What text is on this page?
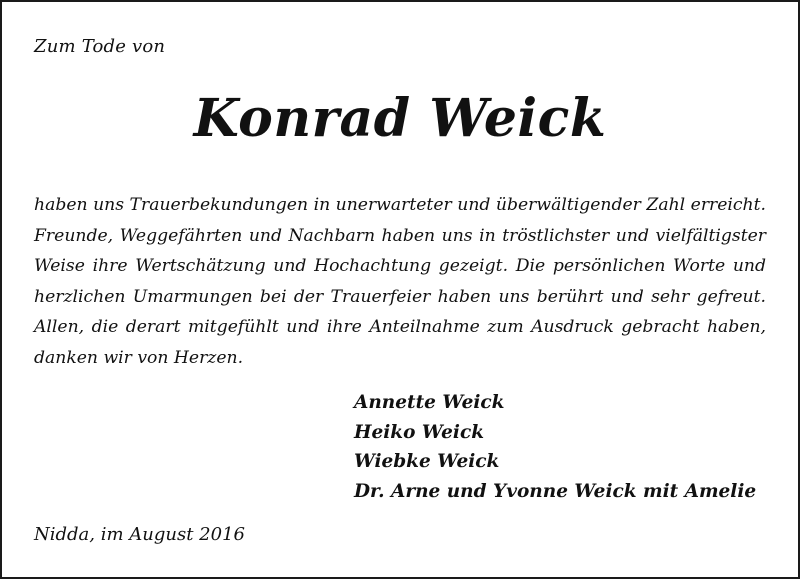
Zum Tode von
Konrad Weick
haben uns Trauerbekundungen in unerwarteter und überwältigender Zahl erreicht.
Freunde, Weggefährten und Nachbarn haben uns in tröstlichster und vielfältigster
Weise ihre Wertschätzung und Hochachtung gezeigt. Die persönlichen Worte und
herzlichen Umarmungen bei der Trauerfeier haben uns berührt und sehr gefreut.
Allen, die derart mitgefühlt und ihre Anteilnahme zum Ausdruck gebracht haben,
danken wir von Herzen.
Annette Weick
Heiko Weick
Wiebke Weick
Dr. Arne und Yvonne Weick mit Amelie
Nidda, im August 2016
